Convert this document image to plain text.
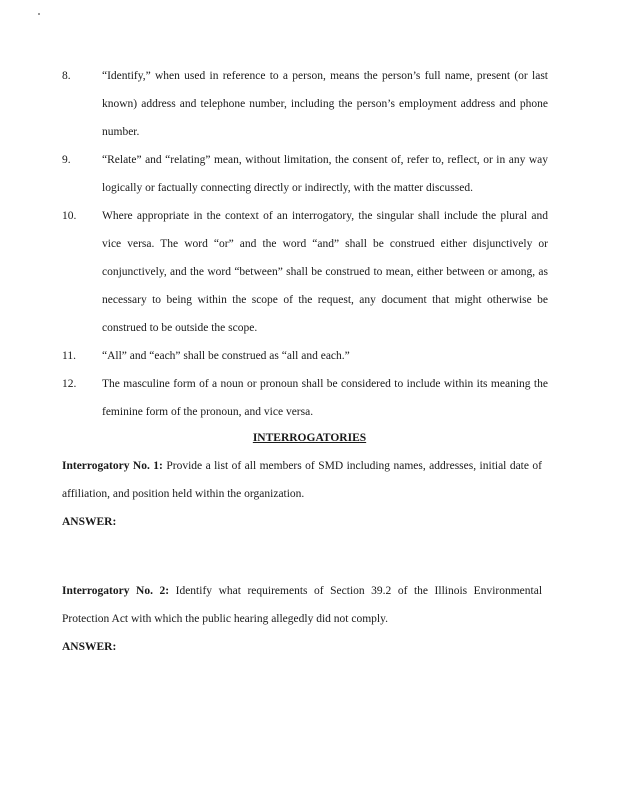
8.	“Identify,” when used in reference to a person, means the person’s full name, present (or last known) address and telephone number, including the person’s employment address and phone number.
9.	“Relate” and “relating” mean, without limitation, the consent of, refer to, reflect, or in any way logically or factually connecting directly or indirectly, with the matter discussed.
10.	Where appropriate in the context of an interrogatory, the singular shall include the plural and vice versa. The word “or” and the word “and” shall be construed either disjunctively or conjunctively, and the word “between” shall be construed to mean, either between or among, as necessary to being within the scope of the request, any document that might otherwise be construed to be outside the scope.
11.	“All” and “each” shall be construed as “all and each.”
12.	The masculine form of a noun or pronoun shall be considered to include within its meaning the feminine form of the pronoun, and vice versa.
INTERROGATORIES
Interrogatory No. 1: Provide a list of all members of SMD including names, addresses, initial date of affiliation, and position held within the organization.
ANSWER:
Interrogatory No. 2: Identify what requirements of Section 39.2 of the Illinois Environmental Protection Act with which the public hearing allegedly did not comply.
ANSWER:
